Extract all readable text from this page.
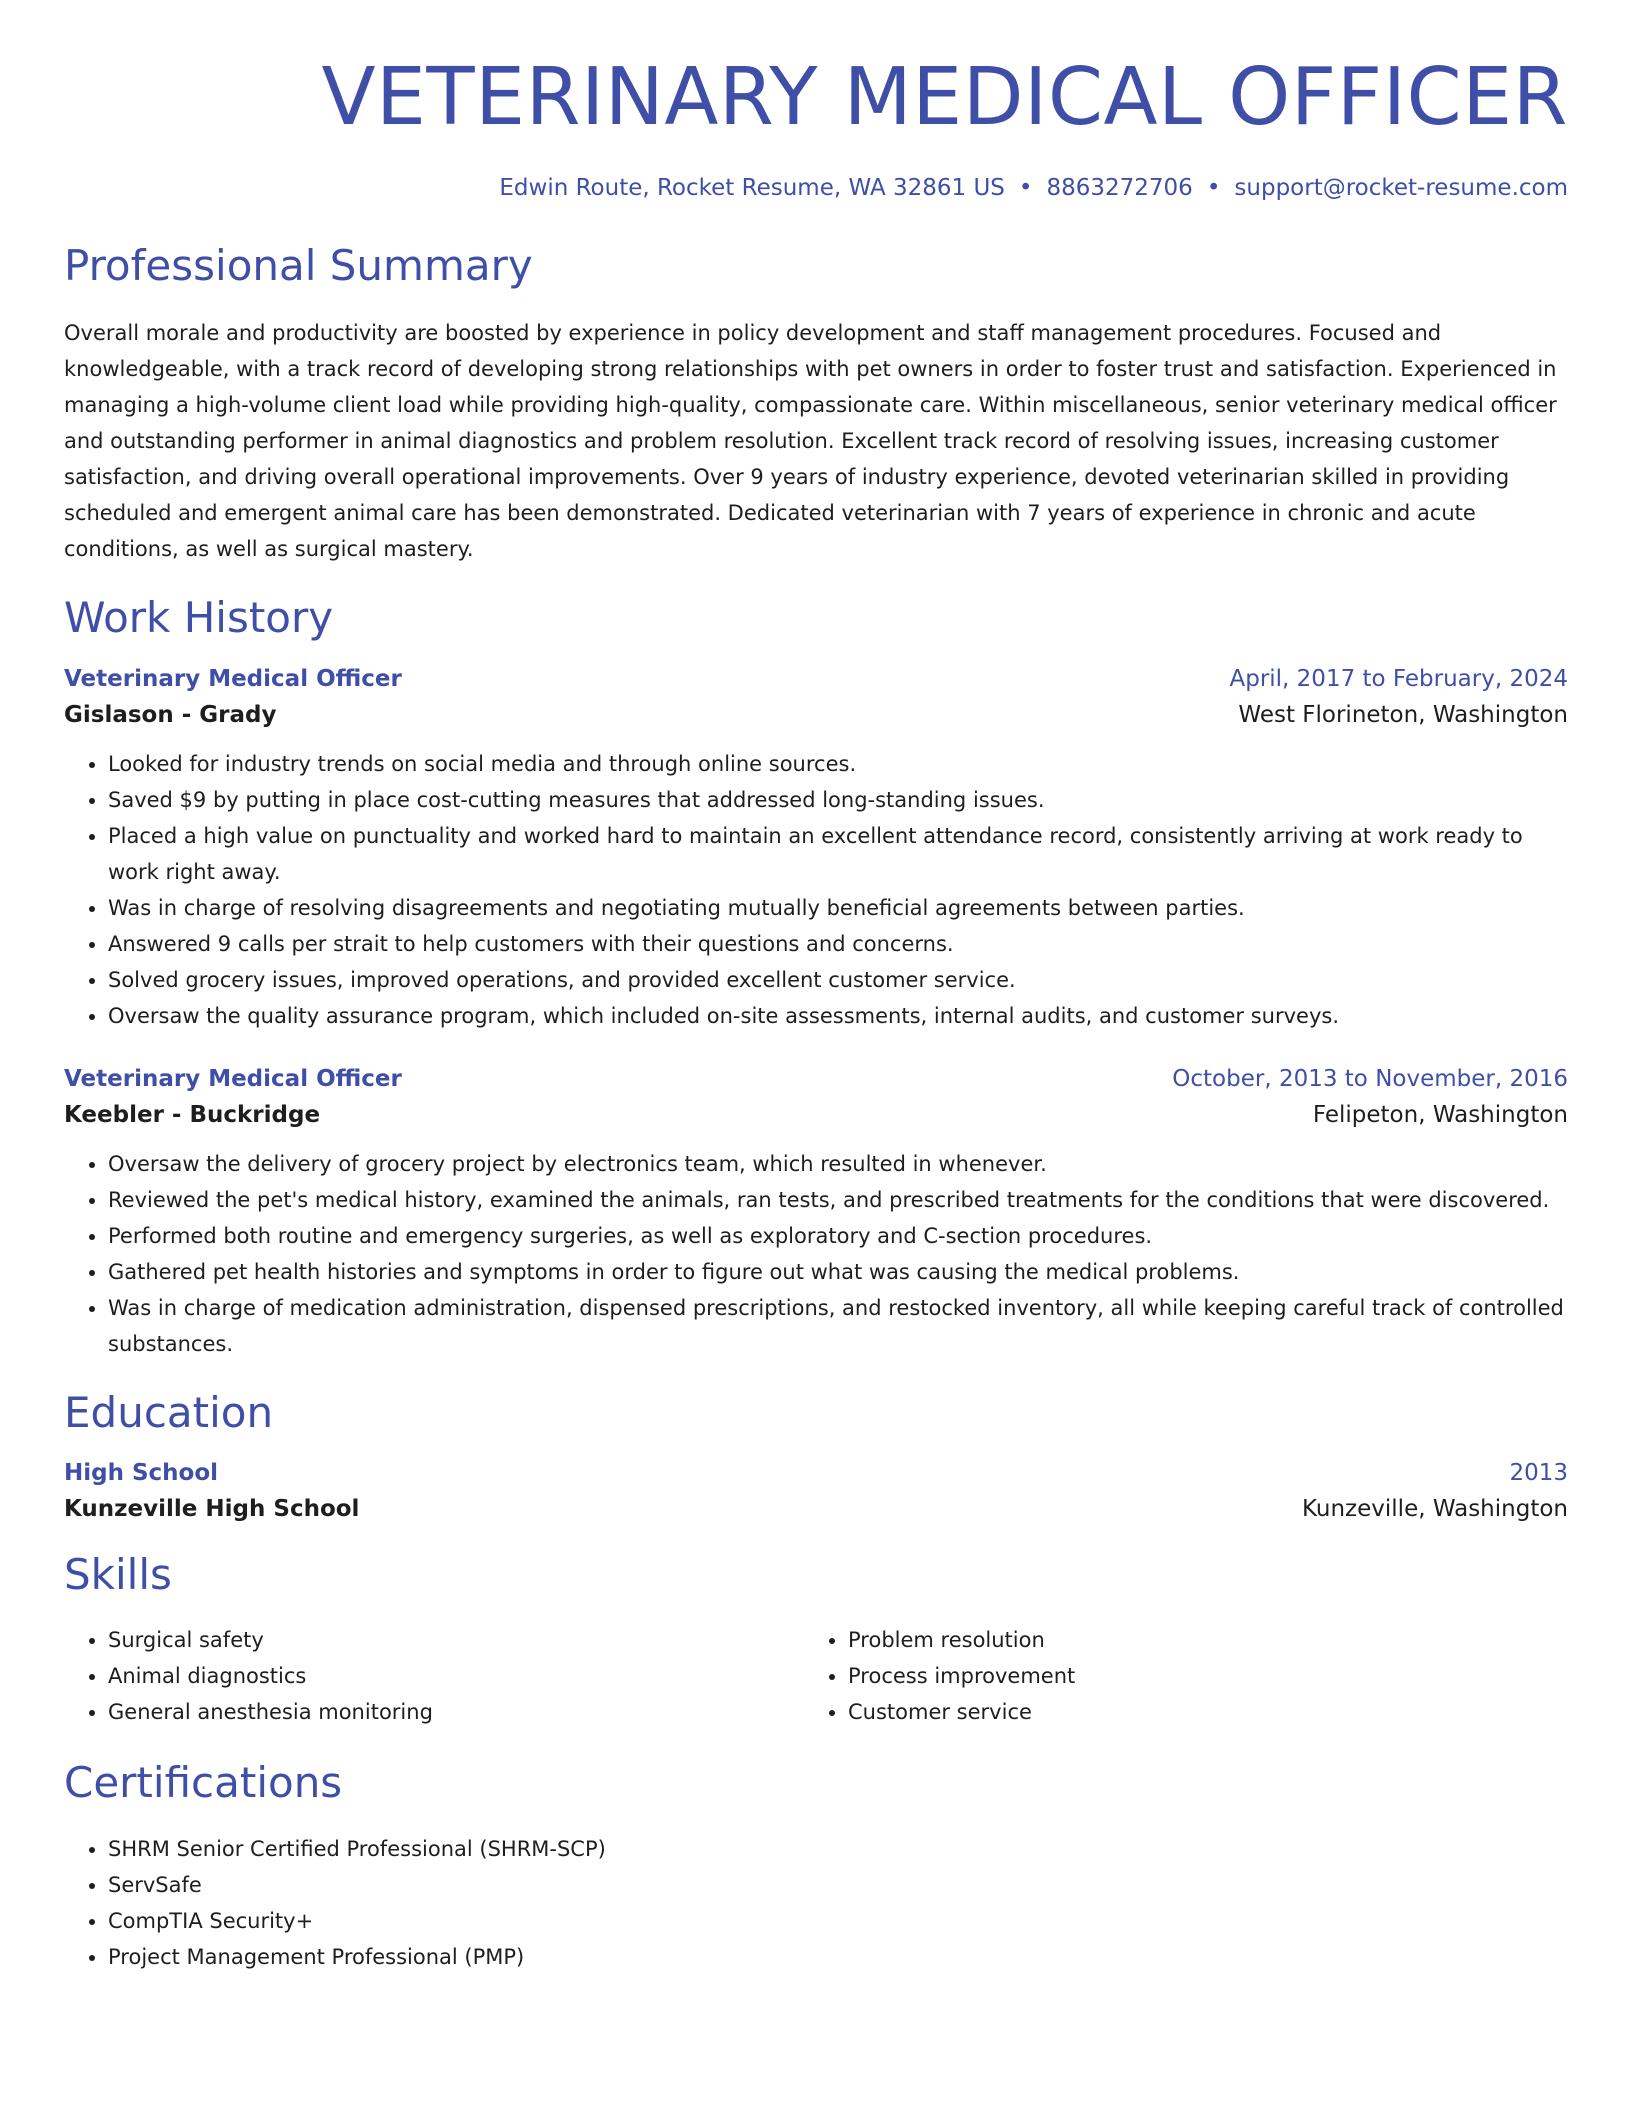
VETERINARY MEDICAL OFFICER
Edwin Route, Rocket Resume, WA 32861 US • 8863272706 • support@rocket-resume.com
Professional Summary
Overall morale and productivity are boosted by experience in policy development and staff management procedures. Focused and knowledgeable, with a track record of developing strong relationships with pet owners in order to foster trust and satisfaction. Experienced in managing a high-volume client load while providing high-quality, compassionate care. Within miscellaneous, senior veterinary medical officer and outstanding performer in animal diagnostics and problem resolution. Excellent track record of resolving issues, increasing customer satisfaction, and driving overall operational improvements. Over 9 years of industry experience, devoted veterinarian skilled in providing scheduled and emergent animal care has been demonstrated. Dedicated veterinarian with 7 years of experience in chronic and acute conditions, as well as surgical mastery.
Work History
Veterinary Medical Officer	April, 2017 to February, 2024
Gislason - Grady	West Florineton, Washington
• Looked for industry trends on social media and through online sources.
• Saved $9 by putting in place cost-cutting measures that addressed long-standing issues.
• Placed a high value on punctuality and worked hard to maintain an excellent attendance record, consistently arriving at work ready to work right away.
• Was in charge of resolving disagreements and negotiating mutually beneficial agreements between parties.
• Answered 9 calls per strait to help customers with their questions and concerns.
• Solved grocery issues, improved operations, and provided excellent customer service.
• Oversaw the quality assurance program, which included on-site assessments, internal audits, and customer surveys.
Veterinary Medical Officer	October, 2013 to November, 2016
Keebler - Buckridge	Felipeton, Washington
• Oversaw the delivery of grocery project by electronics team, which resulted in whenever.
• Reviewed the pet's medical history, examined the animals, ran tests, and prescribed treatments for the conditions that were discovered.
• Performed both routine and emergency surgeries, as well as exploratory and C-section procedures.
• Gathered pet health histories and symptoms in order to figure out what was causing the medical problems.
• Was in charge of medication administration, dispensed prescriptions, and restocked inventory, all while keeping careful track of controlled substances.
Education
High School	2013
Kunzeville High School	Kunzeville, Washington
Skills
• Surgical safety
• Animal diagnostics
• General anesthesia monitoring
• Problem resolution
• Process improvement
• Customer service
Certifications
• SHRM Senior Certified Professional (SHRM-SCP)
• ServSafe
• CompTIA Security+
• Project Management Professional (PMP)
